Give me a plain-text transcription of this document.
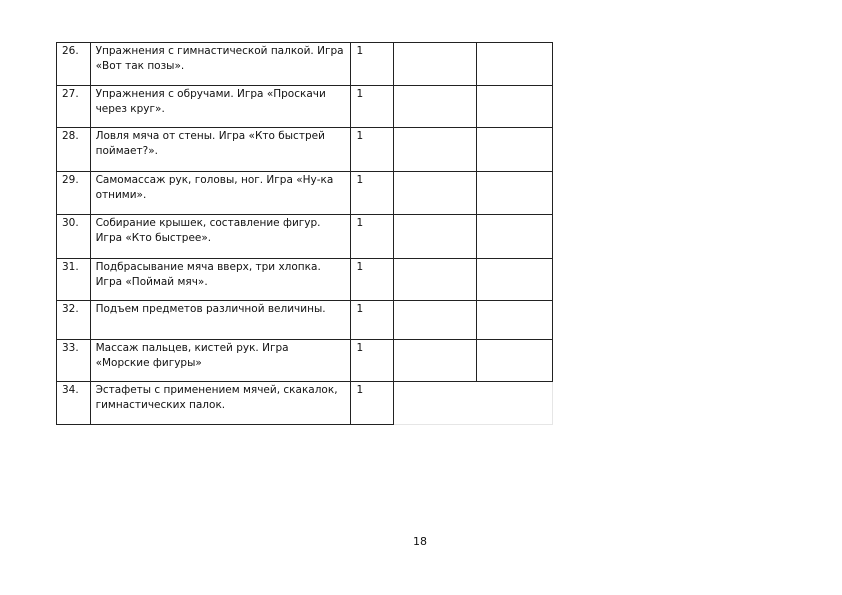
26.	Упражнения с гимнастической палкой. Игра «Вот так позы».	1		
27.	Упражнения с обручами. Игра «Проскачи через круг».	1		
28.	Ловля мяча от стены. Игра «Кто быстрей поймает?».	1		
29.	Самомассаж рук, головы, ног. Игра «Ну-ка отними».	1		
30.	Собирание крышек, составление фигур. Игра «Кто быстрее».	1		
31.	Подбрасывание мяча вверх, три хлопка. Игра «Поймай мяч».	1		
32.	Подъем предметов различной величины.	1		
33.	Массаж пальцев, кистей рук. Игра «Морские фигуры»	1		
34.	Эстафеты с применением мячей, скакалок, гимнастических палок.	1		
18
